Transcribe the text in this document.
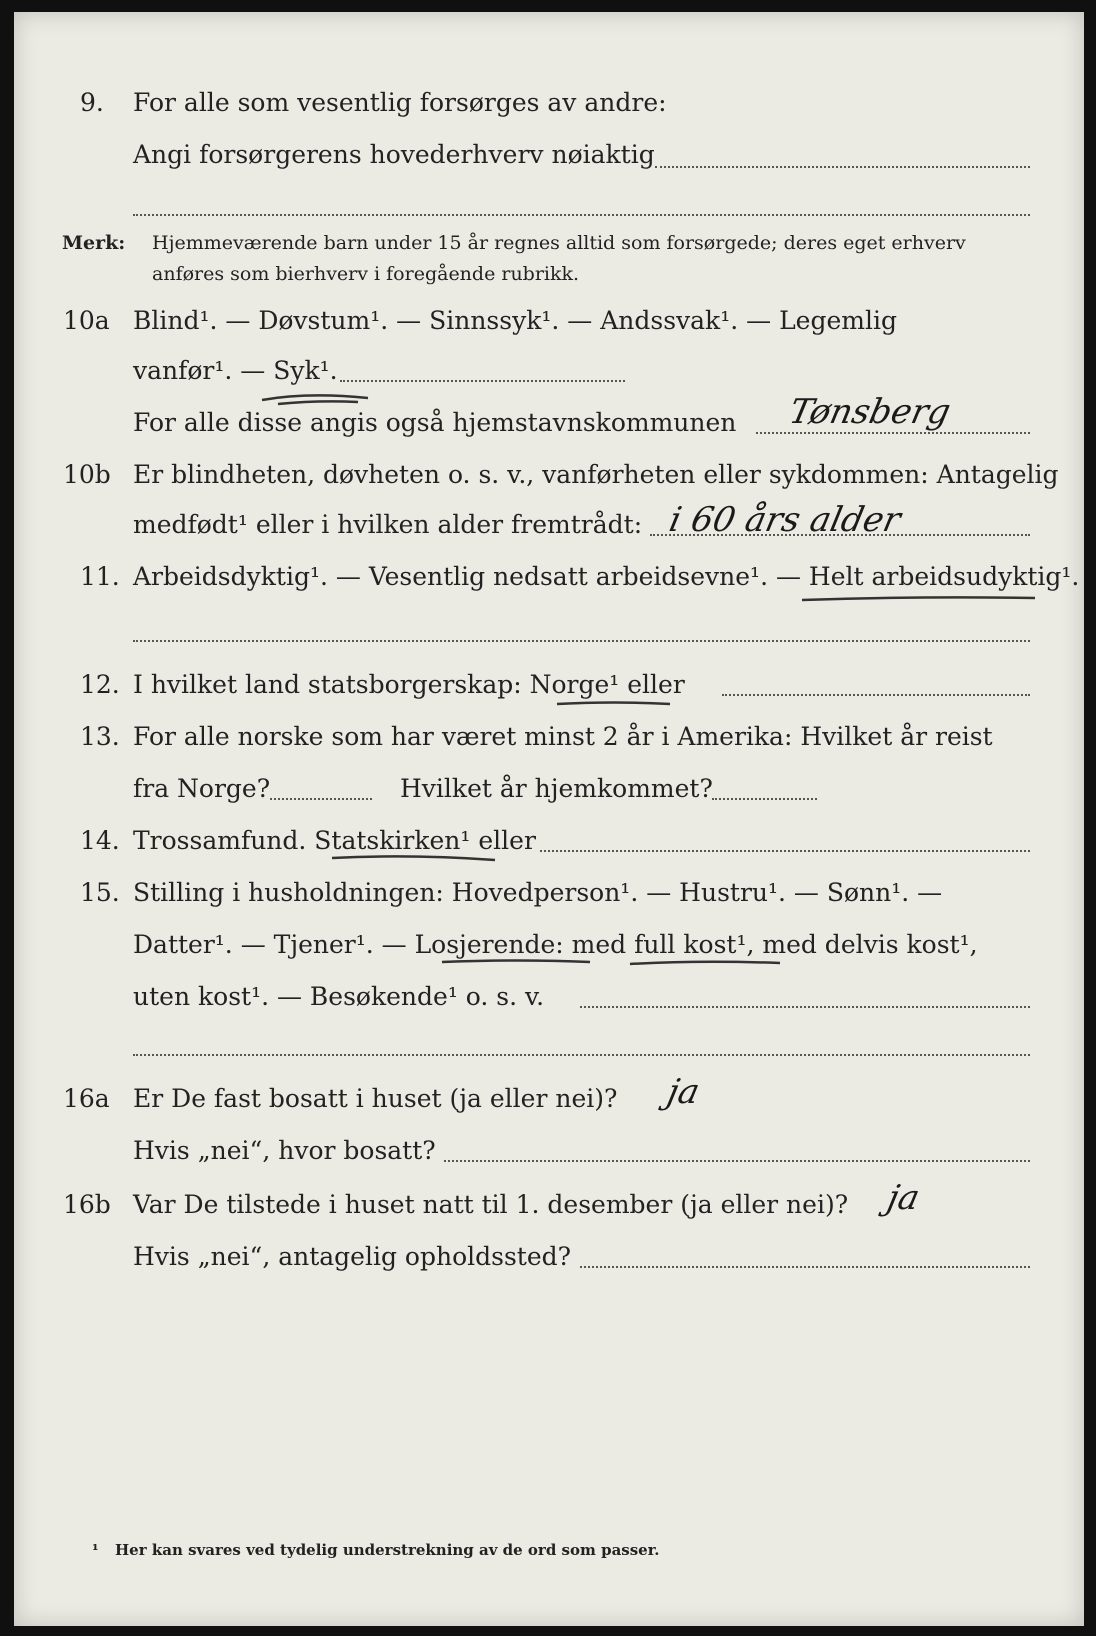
9. For alle som vesentlig forsørges av andre:
Angi forsørgerens hovederhverv nøiaktig
Merk: Hjemmeværende barn under 15 år regnes alltid som forsørgede; deres eget erhverv
anføres som bierhverv i foregående rubrikk.
10a Blind¹. — Døvstum¹. — Sinnssyk¹. — Andssvak¹. — Legemlig
vanfør¹. — Syk¹.
For alle disse angis også hjemstavnskommunen Tønsberg
10b Er blindheten, døvheten o. s. v., vanførheten eller sykdommen: Antagelig
medfødt¹ eller i hvilken alder fremtrådt: i 60 års alder
11. Arbeidsdyktig¹. — Vesentlig nedsatt arbeidsevne¹. — Helt arbeidsudyktig¹.
12. I hvilket land statsborgerskap: Norge¹ eller
13. For alle norske som har været minst 2 år i Amerika: Hvilket år reist
fra Norge?	Hvilket år hjemkommet?
14. Trossamfund. Statskirken¹ eller
15. Stilling i husholdningen: Hovedperson¹. — Hustru¹. — Sønn¹. —
Datter¹. — Tjener¹. — Losjerende: med full kost¹, med delvis kost¹,
uten kost¹. — Besøkende¹ o. s. v.
16a Er De fast bosatt i huset (ja eller nei)? ja
Hvis „nei“, hvor bosatt?
16b Var De tilstede i huset natt til 1. desember (ja eller nei)? ja
Hvis „nei“, antagelig opholdssted?
¹ Her kan svares ved tydelig understrekning av de ord som passer.
